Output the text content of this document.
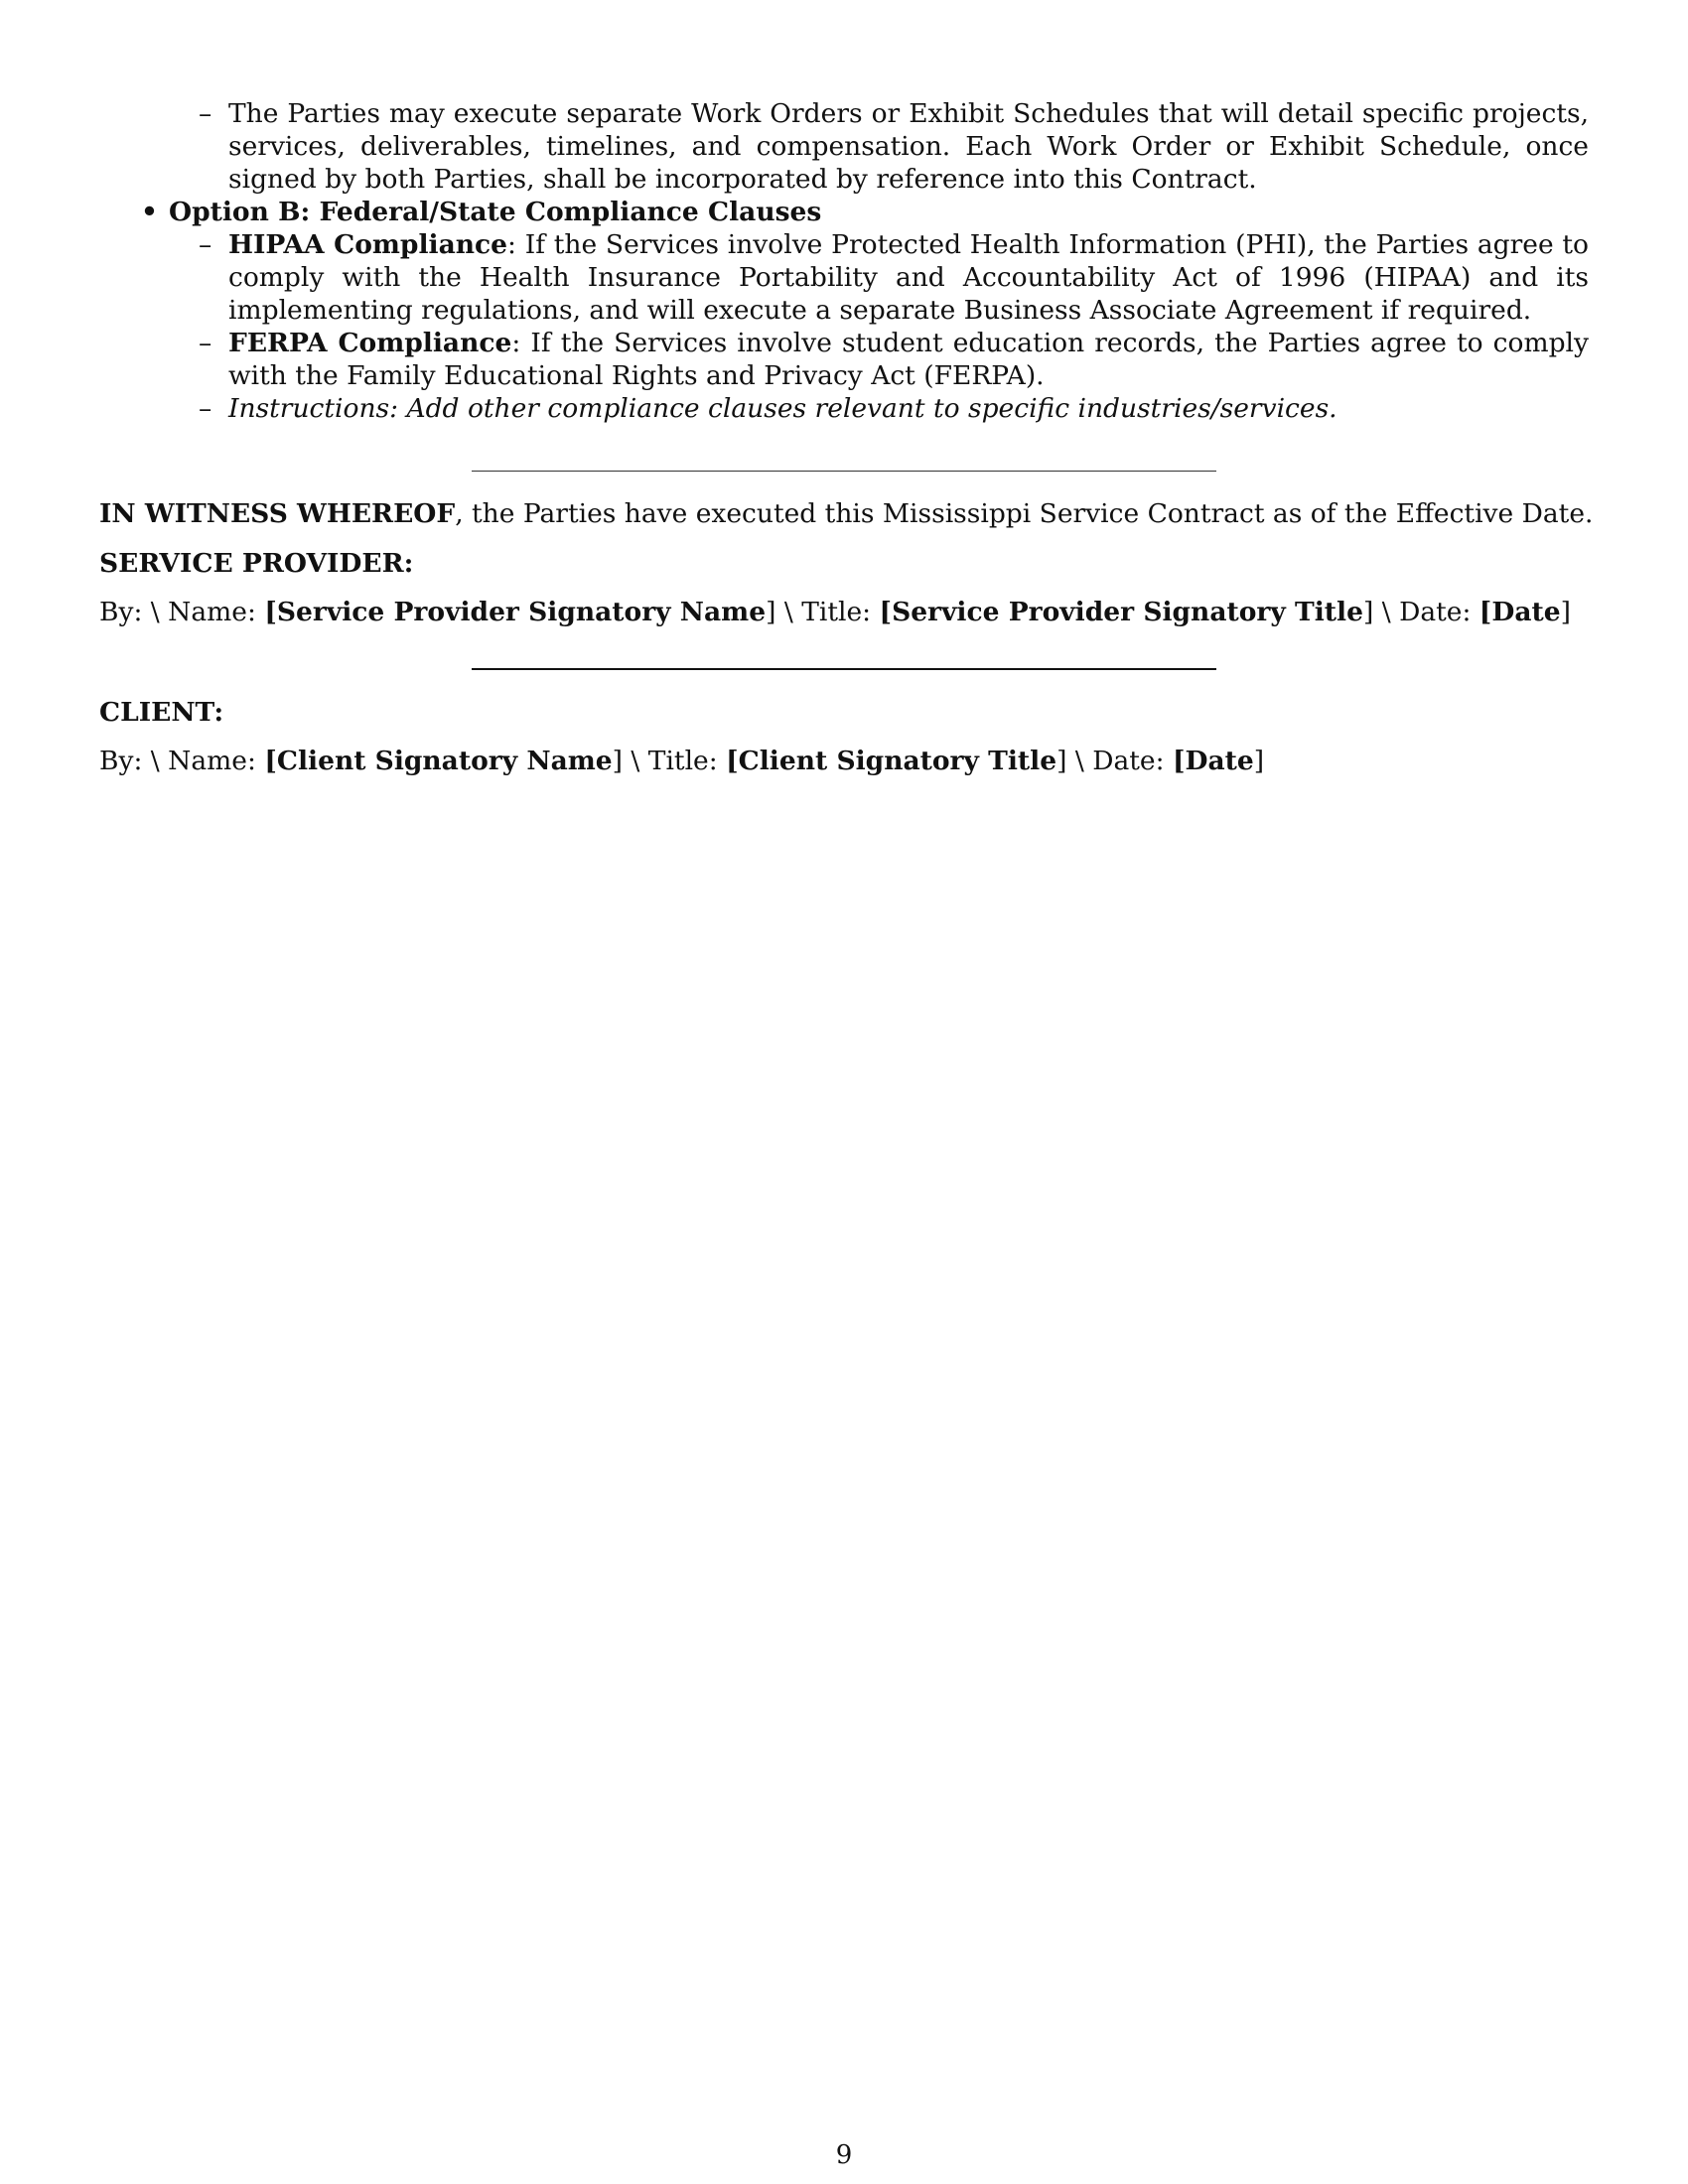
– The Parties may execute separate Work Orders or Exhibit Schedules that will detail specific projects, services, deliverables, timelines, and compensation. Each Work Order or Exhibit Schedule, once signed by both Parties, shall be incorporated by reference into this Contract.
• Option B: Federal/State Compliance Clauses
– HIPAA Compliance: If the Services involve Protected Health Information (PHI), the Parties agree to comply with the Health Insurance Portability and Accountability Act of 1996 (HIPAA) and its implementing regulations, and will execute a separate Business Associate Agreement if required.
– FERPA Compliance: If the Services involve student education records, the Parties agree to comply with the Family Educational Rights and Privacy Act (FERPA).
– Instructions: Add other compliance clauses relevant to specific industries/services.
IN WITNESS WHEREOF, the Parties have executed this Mississippi Service Contract as of the Effective Date.
SERVICE PROVIDER:
By: \ Name: [Service Provider Signatory Name] \ Title: [Service Provider Signatory Title] \ Date: [Date]
CLIENT:
By: \ Name: [Client Signatory Name] \ Title: [Client Signatory Title] \ Date: [Date]
9
